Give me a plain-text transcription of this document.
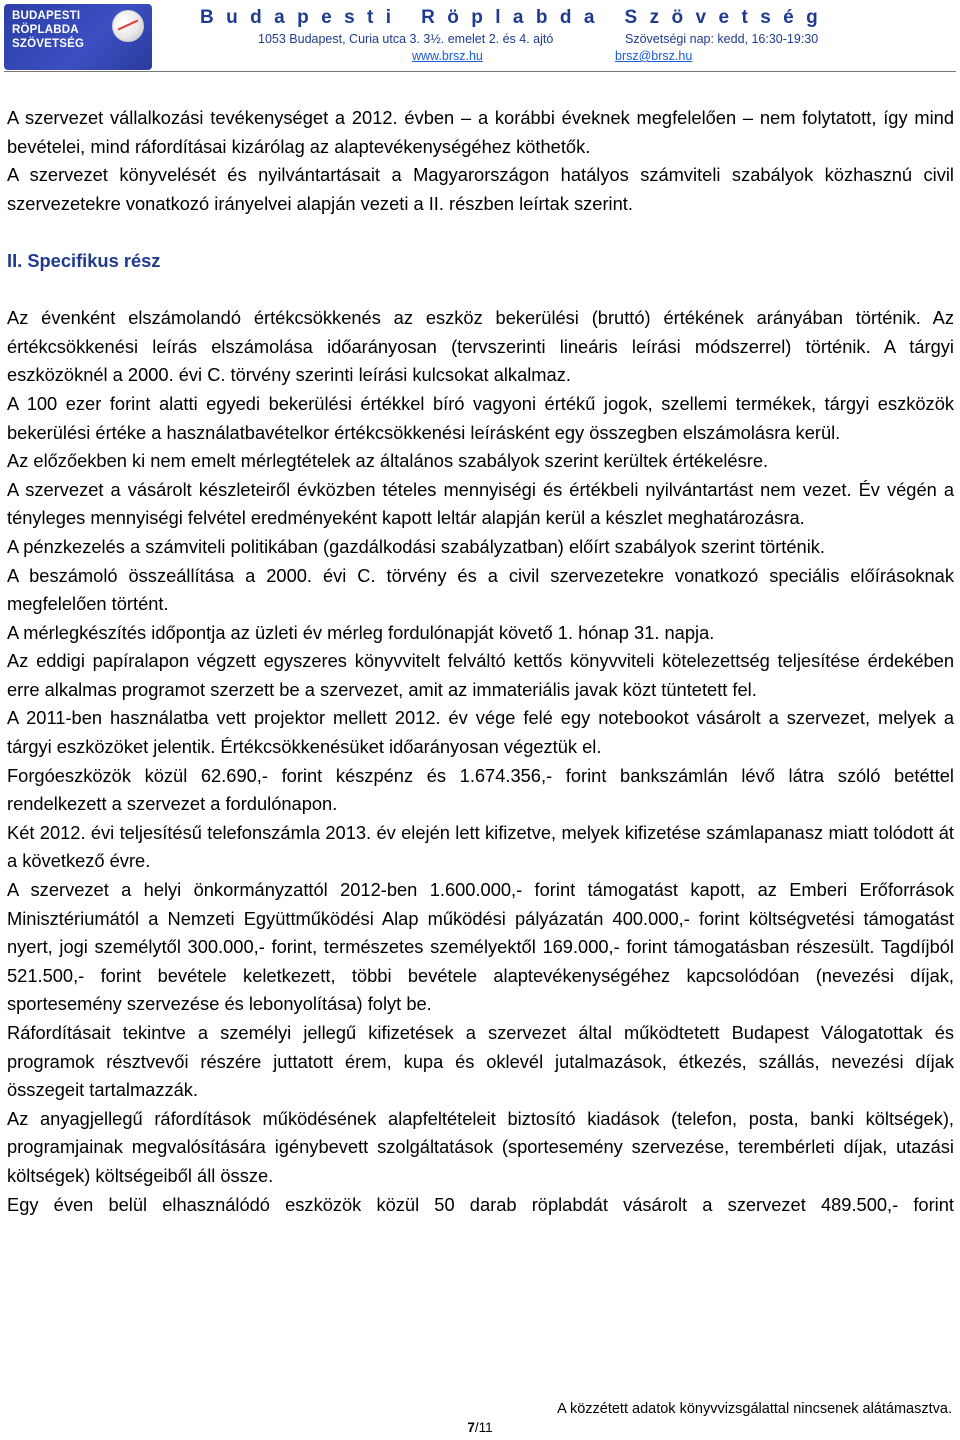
BUDAPESTI
RÖPLABDA
SZÖVETSÉG
Budapesti Röplabda Szövetség
1053 Budapest, Curia utca 3. 3½. emelet 2. és 4. ajtó	Szövetségi nap: kedd, 16:30-19:30
www.brsz.hu	brsz@brsz.hu

A szervezet vállalkozási tevékenységet a 2012. évben – a korábbi éveknek megfelelően – nem folytatott, így mind bevételei, mind ráfordításai kizárólag az alaptevékenységéhez köthetők.

A szervezet könyvelését és nyilvántartásait a Magyarországon hatályos számviteli szabályok közhasznú civil szervezetekre vonatkozó irányelvei alapján vezeti a II. részben leírtak szerint.

II. Specifikus rész

Az évenként elszámolandó értékcsökkenés az eszköz bekerülési (bruttó) értékének arányában történik. Az értékcsökkenési leírás elszámolása időarányosan (tervszerinti lineáris leírási módszerrel) történik. A tárgyi eszközöknél a 2000. évi C. törvény szerinti leírási kulcsokat alkalmaz.

A 100 ezer forint alatti egyedi bekerülési értékkel bíró vagyoni értékű jogok, szellemi termékek, tárgyi eszközök bekerülési értéke a használatbavételkor értékcsökkenési leírásként egy összegben elszámolásra kerül.

Az előzőekben ki nem emelt mérlegtételek az általános szabályok szerint kerültek értékelésre.

A szervezet a vásárolt készleteiről évközben tételes mennyiségi és értékbeli nyilvántartást nem vezet. Év végén a tényleges mennyiségi felvétel eredményeként kapott leltár alapján kerül a készlet meghatározásra.

A pénzkezelés a számviteli politikában (gazdálkodási szabályzatban) előírt szabályok szerint történik.

A beszámoló összeállítása a 2000. évi C. törvény és a civil szervezetekre vonatkozó speciális előírásoknak megfelelően történt.

A mérlegkészítés időpontja az üzleti év mérleg fordulónapját követő 1. hónap 31. napja.

Az eddigi papíralapon végzett egyszeres könyvvitelt felváltó kettős könyvviteli kötelezettség teljesítése érdekében erre alkalmas programot szerzett be a szervezet, amit az immateriális javak közt tüntetett fel.

A 2011-ben használatba vett projektor mellett 2012. év vége felé egy notebookot vásárolt a szervezet, melyek a tárgyi eszközöket jelentik. Értékcsökkenésüket időarányosan végeztük el.

Forgóeszközök közül 62.690,- forint készpénz és 1.674.356,- forint bankszámlán lévő látra szóló betéttel rendelkezett a szervezet a fordulónapon.

Két 2012. évi teljesítésű telefonszámla 2013. év elején lett kifizetve, melyek kifizetése számlapanasz miatt tolódott át a következő évre.

A szervezet a helyi önkormányzattól 2012-ben 1.600.000,- forint támogatást kapott, az Emberi Erőforrások Minisztériumától a Nemzeti Együttműködési Alap működési pályázatán 400.000,- forint költségvetési támogatást nyert, jogi személytől 300.000,- forint, természetes személyektől 169.000,- forint támogatásban részesült. Tagdíjból 521.500,- forint bevétele keletkezett, többi bevétele alaptevékenységéhez kapcsolódóan (nevezési díjak, sportesemény szervezése és lebonyolítása) folyt be.

Ráfordításait tekintve a személyi jellegű kifizetések a szervezet által működtetett Budapest Válogatottak és programok résztvevői részére juttatott érem, kupa és oklevél jutalmazások, étkezés, szállás, nevezési díjak összegeit tartalmazzák.

Az anyagjellegű ráfordítások működésének alapfeltételeit biztosító kiadások (telefon, posta, banki költségek), programjainak megvalósítására igénybevett szolgáltatások (sportesemény szervezése, terembérleti díjak, utazási költségek) költségeiből áll össze.

Egy éven belül elhasználódó eszközök közül 50 darab röplabdát vásárolt a szervezet 489.500,- forint

A közzétett adatok könyvvizsgálattal nincsenek alátámasztva.
7/11
